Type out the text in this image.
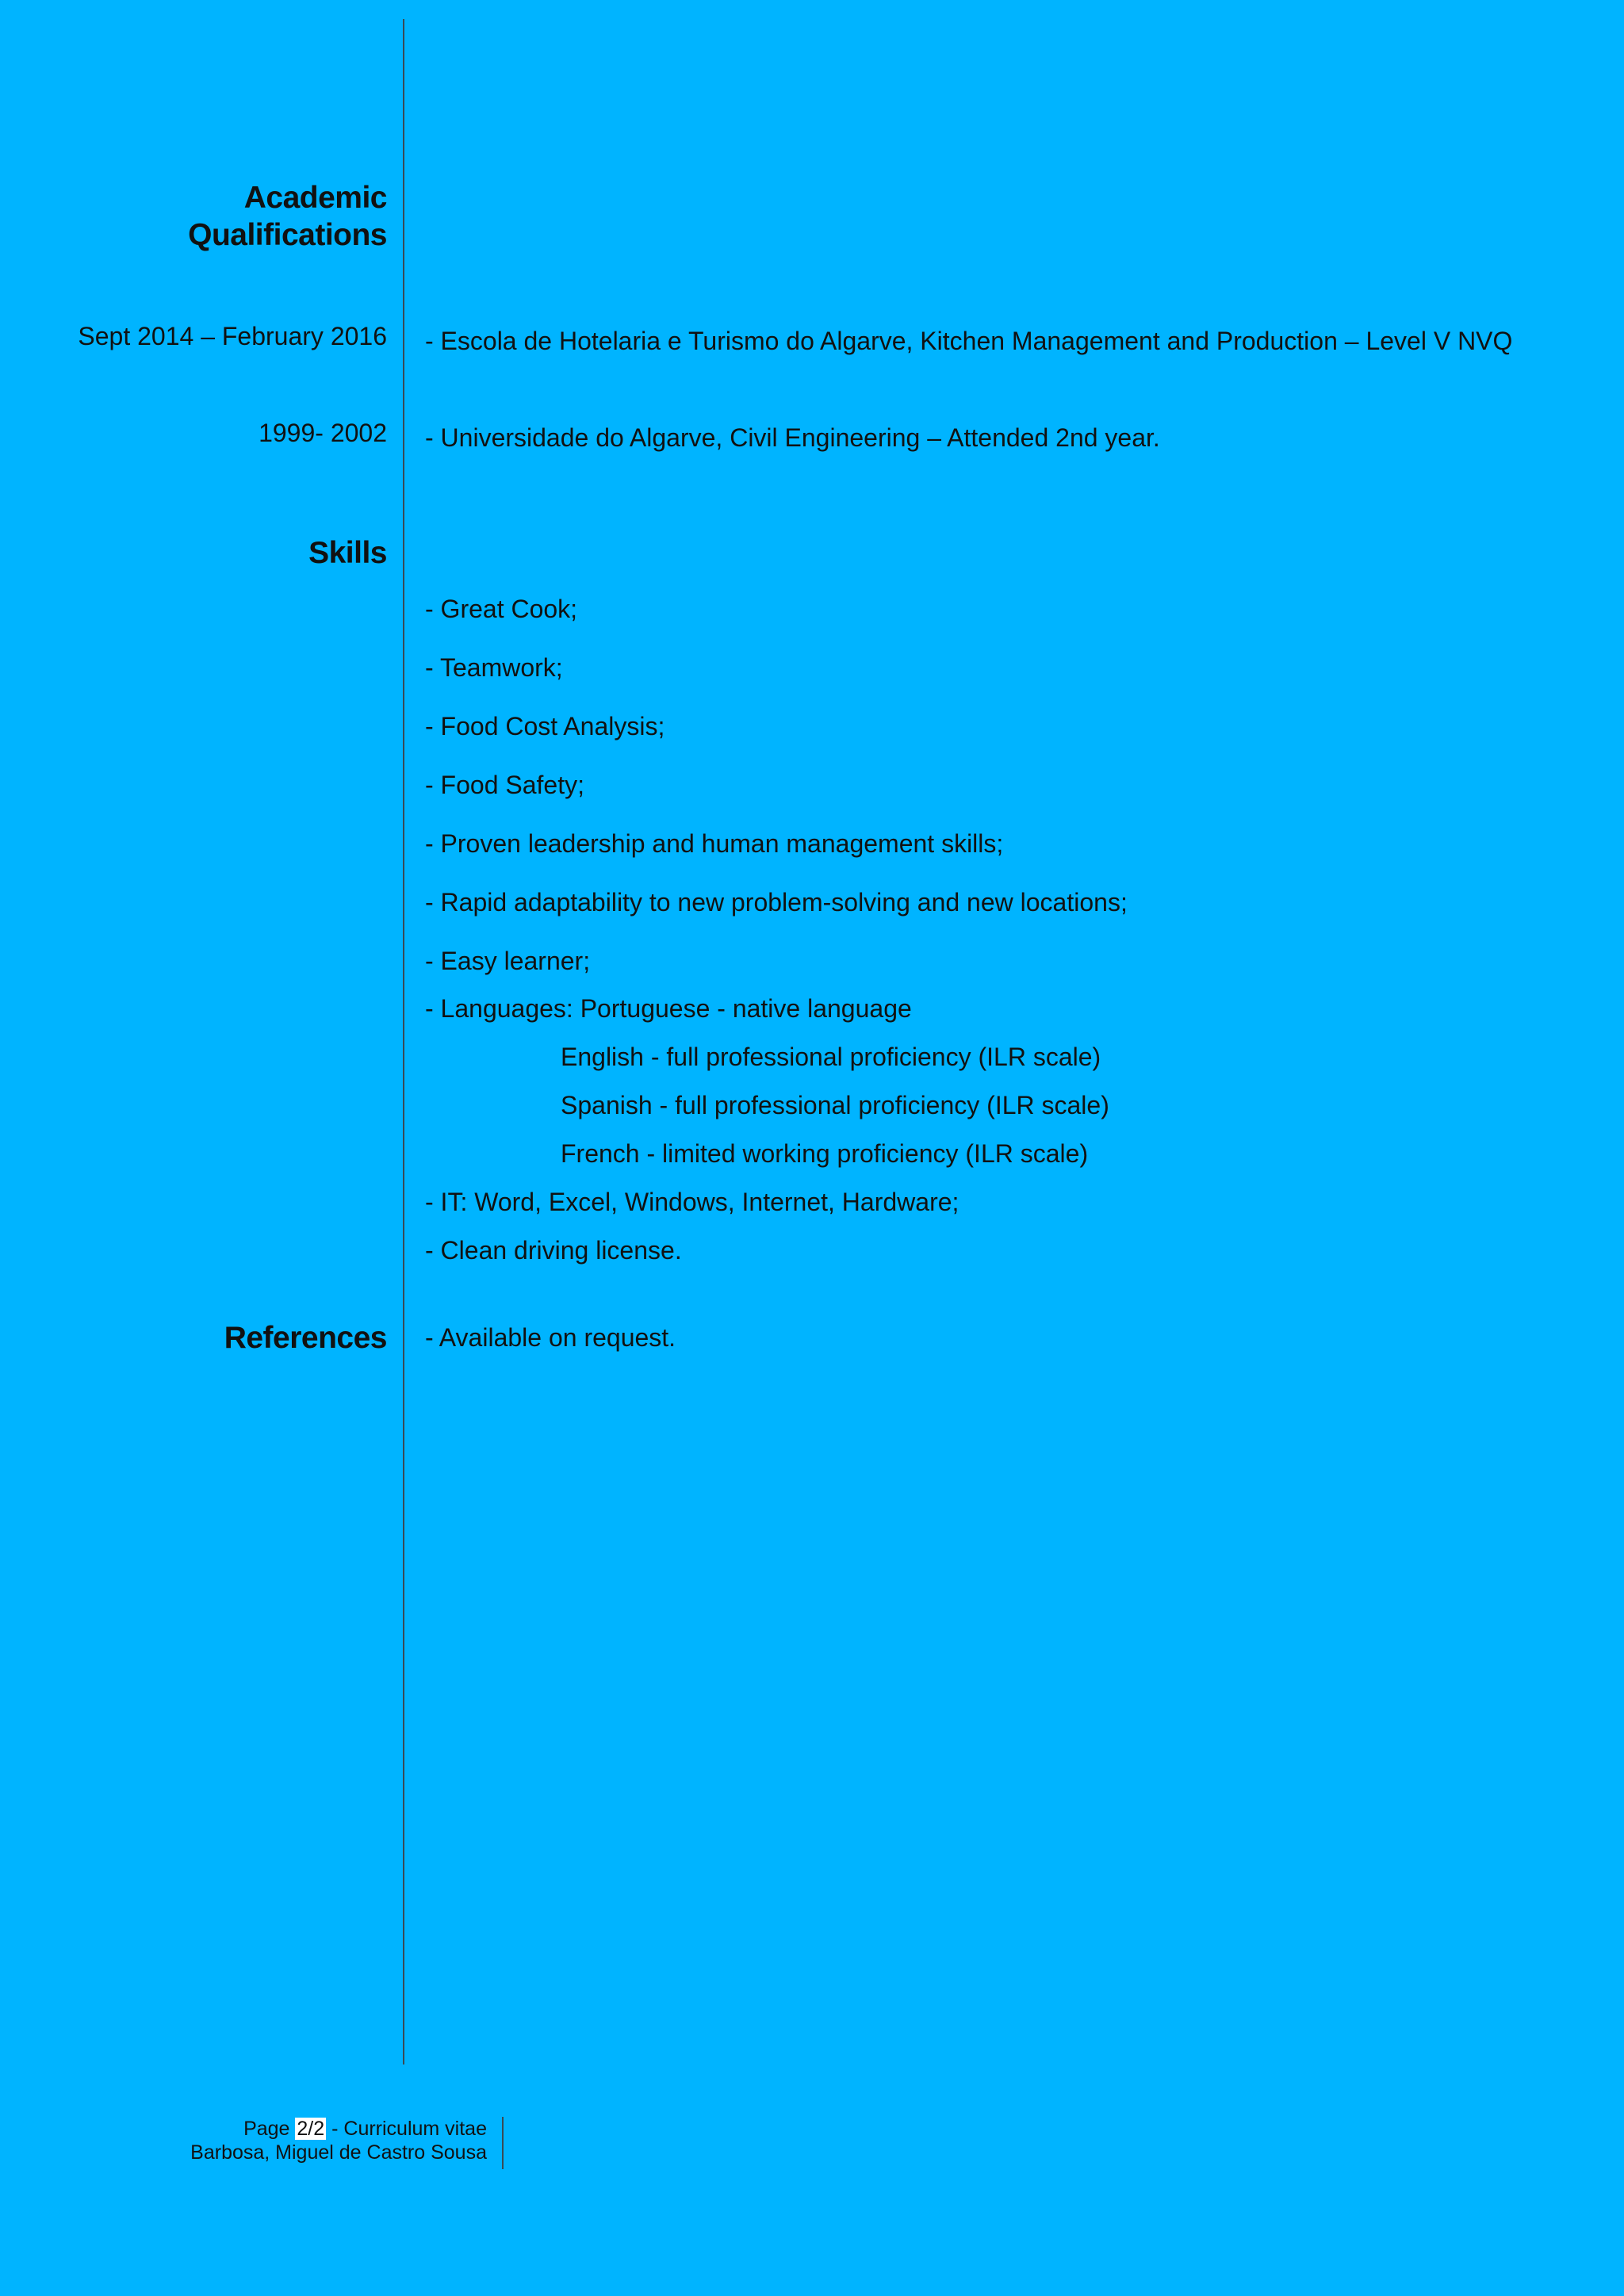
Academic
Qualifications
Sept 2014 – February 2016 - Escola de Hotelaria e Turismo do Algarve, Kitchen Management and Production – Level V NVQ
1999- 2002 - Universidade do Algarve, Civil Engineering – Attended 2nd year.
Skills
- Great Cook;
- Teamwork;
- Food Cost Analysis;
- Food Safety;
- Proven leadership and human management skills;
- Rapid adaptability to new problem-solving and new locations;
- Easy learner;
- Languages: Portuguese - native language
English - full professional proficiency (ILR scale)
Spanish - full professional proficiency (ILR scale)
French - limited working proficiency (ILR scale)
- IT: Word, Excel, Windows, Internet, Hardware;
- Clean driving license.
References - Available on request.
Page 2/2 - Curriculum vitae
Barbosa, Miguel de Castro Sousa
